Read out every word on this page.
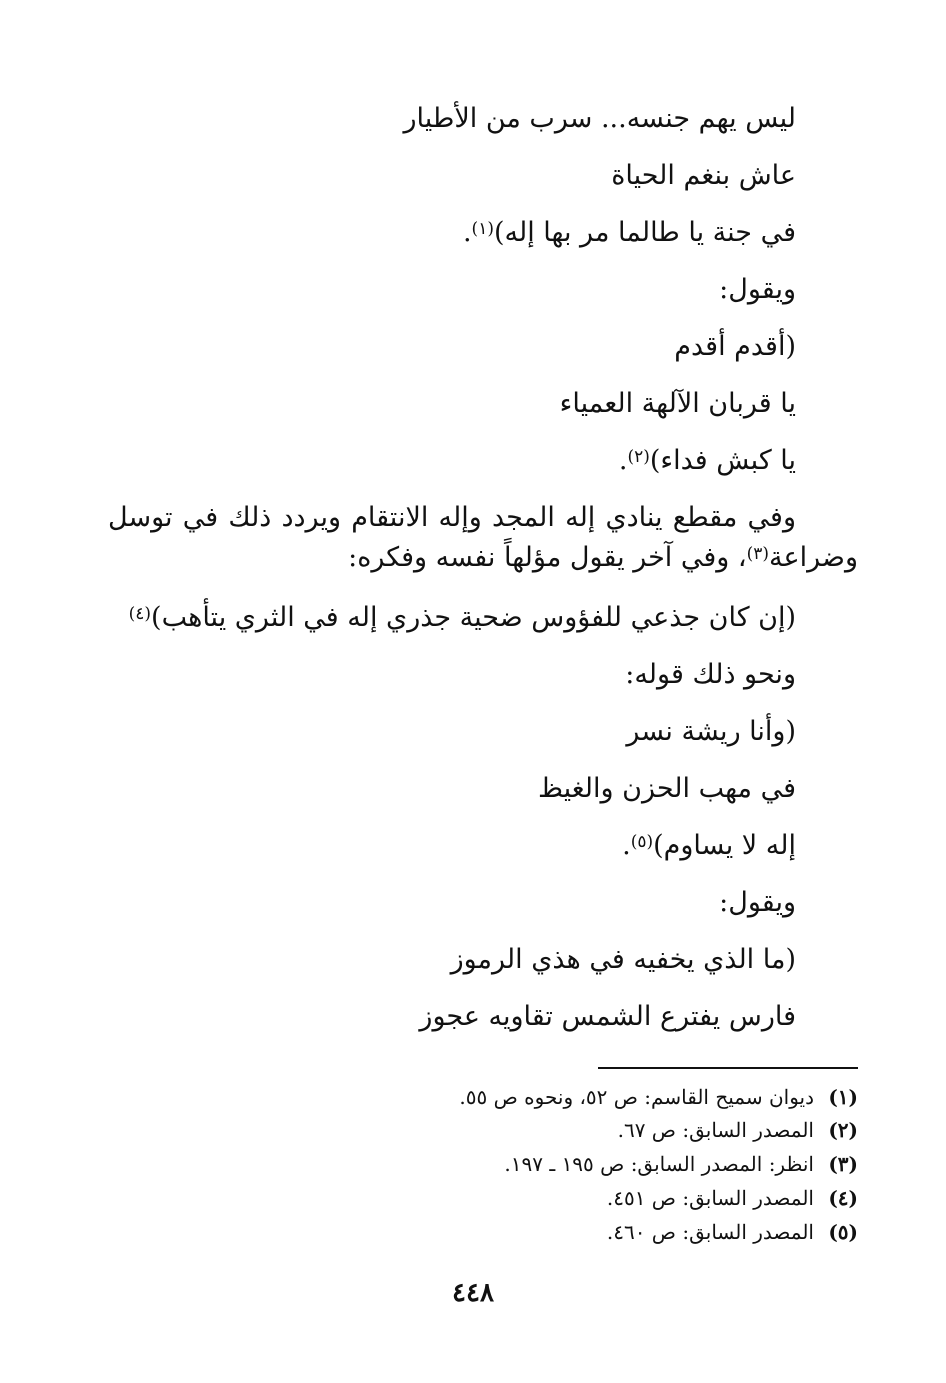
ليس يهم جنسه... سرب من الأطيار
عاش بنغم الحياة
في جنة يا طالما مر بها إله)$^{(١)}$.
ويقول:
(أقدم أقدم
يا قربان الآلهة العمياء
يا كبش فداء)$^{(٢)}$.
وفي مقطع ينادي إله المجد وإله الانتقام ويردد ذلك في توسل وضراعة$^{(٣)}$، وفي آخر يقول مؤلهاً نفسه وفكره:
(إن كان جذعي للفؤوس ضحية جذري إله في الثري يتأهب)$^{(٤)}$
ونحو ذلك قوله:
(وأنا ريشة نسر
في مهب الحزن والغيظ
إله لا يساوم)$^{(٥)}$.
ويقول:
(ما الذي يخفيه في هذي الرموز
فارس يفترع الشمس تقاويه عجوز
(١)ديوان سميح القاسم: ص ٥٢، ونحوه ص ٥٥.
(٢)المصدر السابق: ص ٦٧.
(٣)انظر: المصدر السابق: ص ١٩٥ ـ ١٩٧.
(٤)المصدر السابق: ص ٤٥١.
(٥)المصدر السابق: ص ٤٦٠.
٤٤٨
